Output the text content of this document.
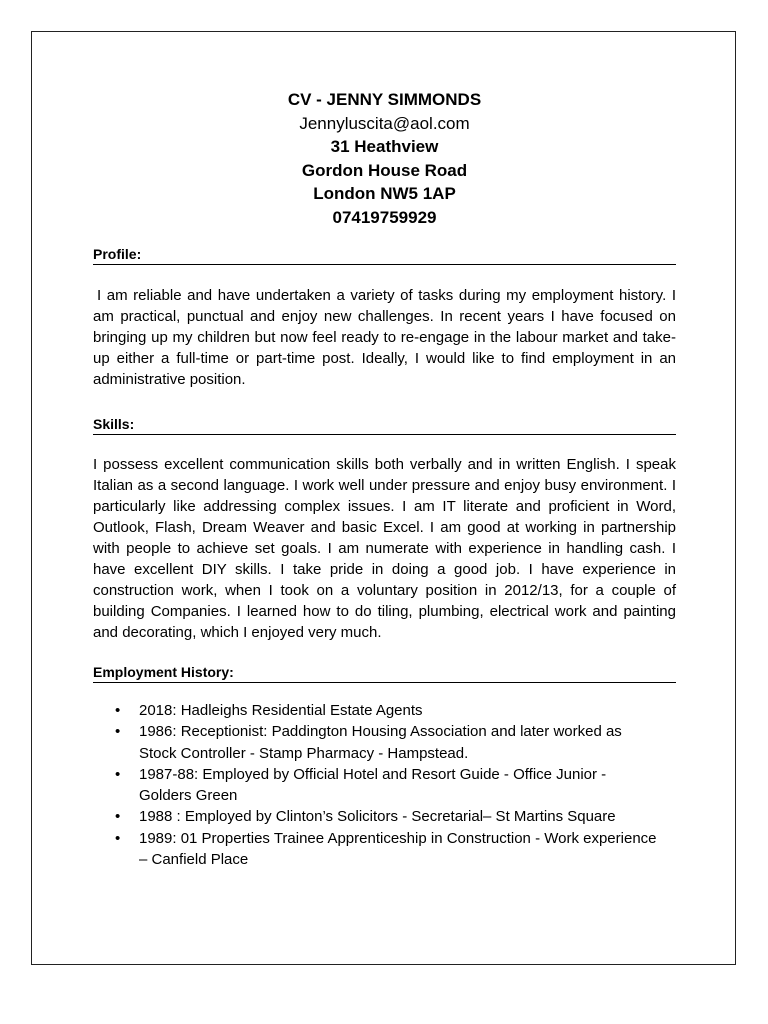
CV - JENNY SIMMONDS
Jennyluscita@aol.com
31 Heathview
Gordon House Road
London NW5 1AP
07419759929

Profile:

I am reliable and have undertaken a variety of tasks during my employment history. I am practical, punctual and enjoy new challenges. In recent years I have focused on bringing up my children but now feel ready to re-engage in the labour market and take-up either a full-time or part-time post. Ideally, I would like to find employment in an administrative position.

Skills:

I possess excellent communication skills both verbally and in written English. I speak Italian as a second language. I work well under pressure and enjoy busy environment. I particularly like addressing complex issues. I am IT literate and proficient in Word, Outlook, Flash, Dream Weaver and basic Excel. I am good at working in partnership with people to achieve set goals. I am numerate with experience in handling cash. I have excellent DIY skills. I take pride in doing a good job. I have experience in construction work, when I took on a voluntary position in 2012/13, for a couple of building Companies. I learned how to do tiling, plumbing, electrical work and painting and decorating, which I enjoyed very much.

Employment History:

• 2018: Hadleighs Residential Estate Agents
• 1986: Receptionist: Paddington Housing Association and later worked as Stock Controller - Stamp Pharmacy - Hampstead.
• 1987-88: Employed by Official Hotel and Resort Guide - Office Junior - Golders Green
• 1988 : Employed by Clinton’s Solicitors - Secretarial– St Martins Square
• 1989: 01 Properties Trainee Apprenticeship in Construction - Work experience – Canfield Place
